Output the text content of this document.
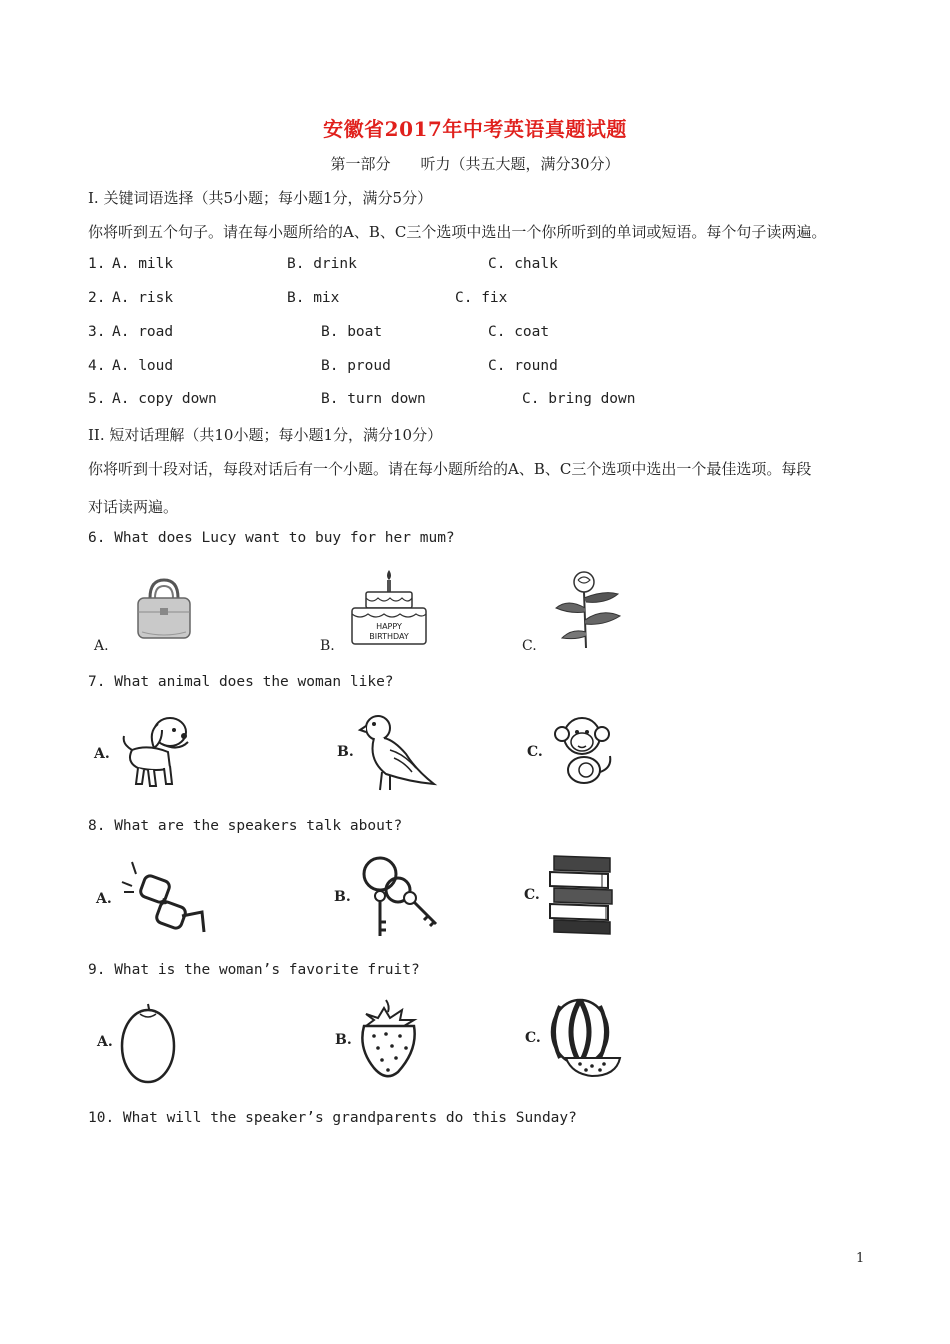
安徽省2017年中考英语真题试题
第一部分　　听力（共五大题，满分30分）
I. 关键词语选择（共5小题；每小题1分，满分5分）
你将听到五个句子。请在每小题所给的A、B、C三个选项中选出一个你所听到的单词或短语。每个句子读两遍。
1. A. milk	B. drink	C. chalk
2. A. risk	B. mix	C. fix
3. A. road	B. boat	C. coat
4. A. loud	B. proud	C. round
5. A. copy down	B. turn down	C. bring down
II. 短对话理解（共10小题；每小题1分，满分10分）
你将听到十段对话，每段对话后有一个小题。请在每小题所给的A、B、C三个选项中选出一个最佳选项。每段
对话读两遍。
6. What does Lucy want to buy for her mum?
A.	B.	C.
HAPPY
BIRTHDAY
7. What animal does the woman like?
A.	B.	C.
8. What are the speakers talk about?
A.	B.	C.
9. What is the woman’s favorite fruit?
A.	B.	C.
10. What will the speaker’s grandparents do this Sunday?
1
